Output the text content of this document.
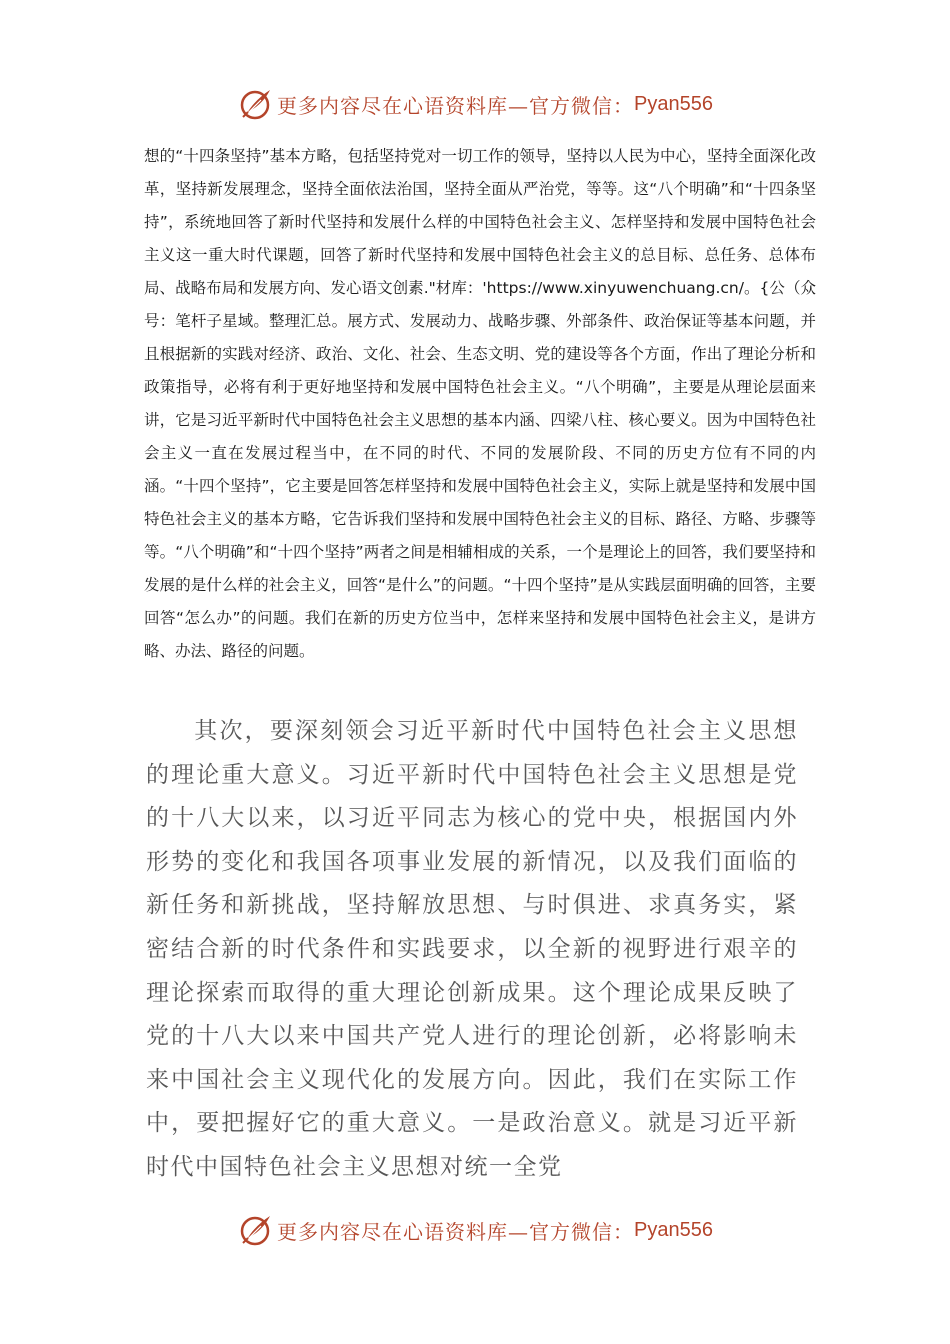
更多内容尽在心语资料库—官方微信： Pyan556

想的“十四条坚持”基本方略，包括坚持党对一切工作的领导，坚持以人民为中心，坚持全面深化改革，坚持新发展理念，坚持全面依法治国，坚持全面从严治党，等等。这“八个明确”和“十四条坚持”，系统地回答了新时代坚持和发展什么样的中国特色社会主义、怎样坚持和发展中国特色社会主义这一重大时代课题，回答了新时代坚持和发展中国特色社会主义的总目标、总任务、总体布局、战略布局和发展方向、发心语文创素."材库：'https://www.xinyuwenchuang.cn/。{公（众号：笔杆子星域。整理汇总。展方式、发展动力、战略步骤、外部条件、政治保证等基本问题，并且根据新的实践对经济、政治、文化、社会、生态文明、党的建设等各个方面，作出了理论分析和政策指导，必将有利于更好地坚持和发展中国特色社会主义。“八个明确”，主要是从理论层面来讲，它是习近平新时代中国特色社会主义思想的基本内涵、四梁八柱、核心要义。因为中国特色社会主义一直在发展过程当中，在不同的时代、不同的发展阶段、不同的历史方位有不同的内涵。“十四个坚持”，它主要是回答怎样坚持和发展中国特色社会主义，实际上就是坚持和发展中国特色社会主义的基本方略，它告诉我们坚持和发展中国特色社会主义的目标、路径、方略、步骤等等。“八个明确”和“十四个坚持”两者之间是相辅相成的关系，一个是理论上的回答，我们要坚持和发展的是什么样的社会主义，回答“是什么”的问题。“十四个坚持”是从实践层面明确的回答，主要回答“怎么办”的问题。我们在新的历史方位当中，怎样来坚持和发展中国特色社会主义，是讲方略、办法、路径的问题。

其次，要深刻领会习近平新时代中国特色社会主义思想的理论重大意义。习近平新时代中国特色社会主义思想是党的十八大以来，以习近平同志为核心的党中央，根据国内外形势的变化和我国各项事业发展的新情况，以及我们面临的新任务和新挑战，坚持解放思想、与时俱进、求真务实，紧密结合新的时代条件和实践要求，以全新的视野进行艰辛的理论探索而取得的重大理论创新成果。这个理论成果反映了党的十八大以来中国共产党人进行的理论创新，必将影响未来中国社会主义现代化的发展方向。因此，我们在实际工作中，要把握好它的重大意义。一是政治意义。就是习近平新时代中国特色社会主义思想对统一全党

更多内容尽在心语资料库—官方微信： Pyan556
